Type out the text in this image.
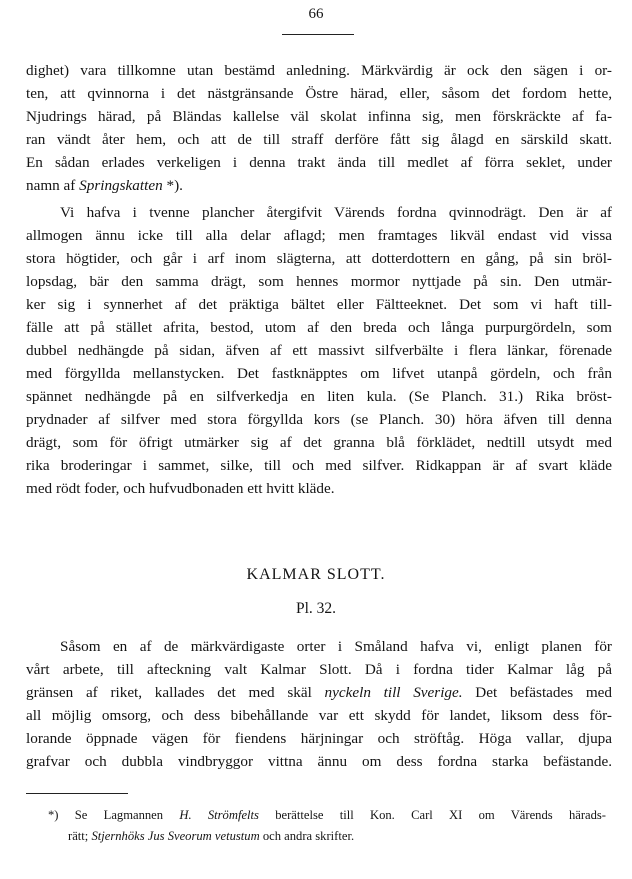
66
dighet) vara tillkomne utan bestämd anledning. Märkvärdig är ock den sägen i or-
ten, att qvinnorna i det nästgränsande Östre härad, eller, såsom det fordom hette,
Njudrings härad, på Bländas kallelse väl skolat infinna sig, men förskräckte af fa-
ran vändt åter hem, och att de till straff derföre fått sig ålagd en särskild skatt.
En sådan erlades verkeligen i denna trakt ända till medlet af förra seklet, under
namn af Springskatten *).
Vi hafva i tvenne plancher återgifvit Värends fordna qvinnodrägt. Den är af
allmogen ännu icke till alla delar aflagd; men framtages likväl endast vid vissa
stora högtider, och går i arf inom slägterna, att dotterdottern en gång, på sin bröl-
lopsdag, bär den samma drägt, som hennes mormor nyttjade på sin. Den utmär-
ker sig i synnerhet af det präktiga bältet eller Fältteeknet. Det som vi haft till-
fälle att på stället afrita, bestod, utom af den breda och långa purpurgördeln, som
dubbel nedhängde på sidan, äfven af ett massivt silfverbälte i flera länkar, förenade
med förgyllda mellanstycken. Det fastknäpptes om lifvet utanpå gördeln, och från
spännet nedhängde på en silfverkedja en liten kula. (Se Planch. 31.) Rika bröst-
prydnader af silfver med stora förgyllda kors (se Planch. 30) höra äfven till denna
drägt, som för öfrigt utmärker sig af det granna blå förklädet, nedtill utsydt med
rika broderingar i sammet, silke, till och med silfver. Ridkappan är af svart kläde
med rödt foder, och hufvudbonaden ett hvitt kläde.
KALMAR SLOTT.
Pl. 32.
Såsom en af de märkvärdigaste orter i Småland hafva vi, enligt planen för
vårt arbete, till afteckning valt Kalmar Slott. Då i fordna tider Kalmar låg på
gränsen af riket, kallades det med skäl nyckeln till Sverige. Det befästades med
all möjlig omsorg, och dess bibehållande var ett skydd för landet, liksom dess för-
lorande öppnade vägen för fiendens härjningar och ströftåg. Höga vallar, djupa
grafvar och dubbla vindbryggor vittna ännu om dess fordna starka befästande.
*) Se Lagmannen H. Strömfelts berättelse till Kon. Carl XI om Värends härads-
rätt; Stjernhöks Jus Sveorum vetustum och andra skrifter.
